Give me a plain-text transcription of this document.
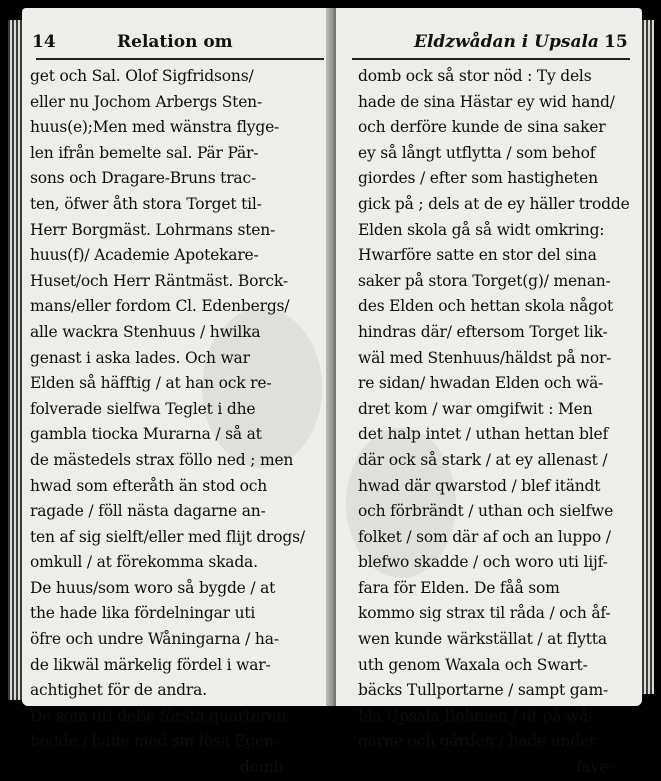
14	Relation om
get och Sal. Olof Sigfridsons/
eller nu Jochom Arbergs Sten-
huus(e);Men med wänstra flyge-
len ifrån bemelte sal. Pär Pär-
sons och Dragare-Bruns trac-
ten, öfwer åth stora Torget til-
Herr Borgmäst. Lohrmans sten-
huus(f)/ Academie Apotekare-
Huset/och Herr Räntmäst. Borck-
mans/eller fordom Cl. Edenbergs/
alle wackra Stenhuus / hwilka
genast i aska lades. Och war
Elden så häfftig / at han ock re-
folverade sielfwa Teglet i dhe
gambla tiocka Murarna / så at
de mästedels strax föllo ned ; men
hwad som efteråth än stod och
ragade / föll nästa dagarne an-
ten af sig sielft/eller med flijt drogs/
omkull / at förekomma skada.
De huus/som woro så bygde / at
the hade lika fördelningar uti
öfre och undre Wåningarna / ha-
de likwäl märkelig fördel i war-
achtighet för de andra.
De som uti deße första quarteren
bodde / hade med sin lösa Egen-
domb
Eldzwådan i Upsala 15
domb ock så stor nöd : Ty dels
hade de sina Hästar ey wid hand/
och derföre kunde de sina saker
ey så långt utflytta / som behof
giordes / efter som hastigheten
gick på ; dels at de ey häller trodde
Elden skola gå så widt omkring:
Hwarföre satte en stor del sina
saker på stora Torget(g)/ menan-
des Elden och hettan skola något
hindras där/ eftersom Torget lik-
wäl med Stenhuus/häldst på nor-
re sidan/ hwadan Elden och wä-
dret kom / war omgifwit : Men
det halp intet / uthan hettan blef
där ock så stark / at ey allenast /
hwad där qwarstod / blef itändt
och förbrändt / uthan och sielfwe
folket / som där af och an luppo /
blefwo skadde / och woro uti lijf-
fara för Elden. De fåå som
kommo sig strax til råda / och åf-
wen kunde wärkställat / at flytta
uth genom Waxala och Swart-
bäcks Tullportarne / sampt gam-
bla Upsala Bohmen / ut på wå-
garne och gården / hade under
fave-
